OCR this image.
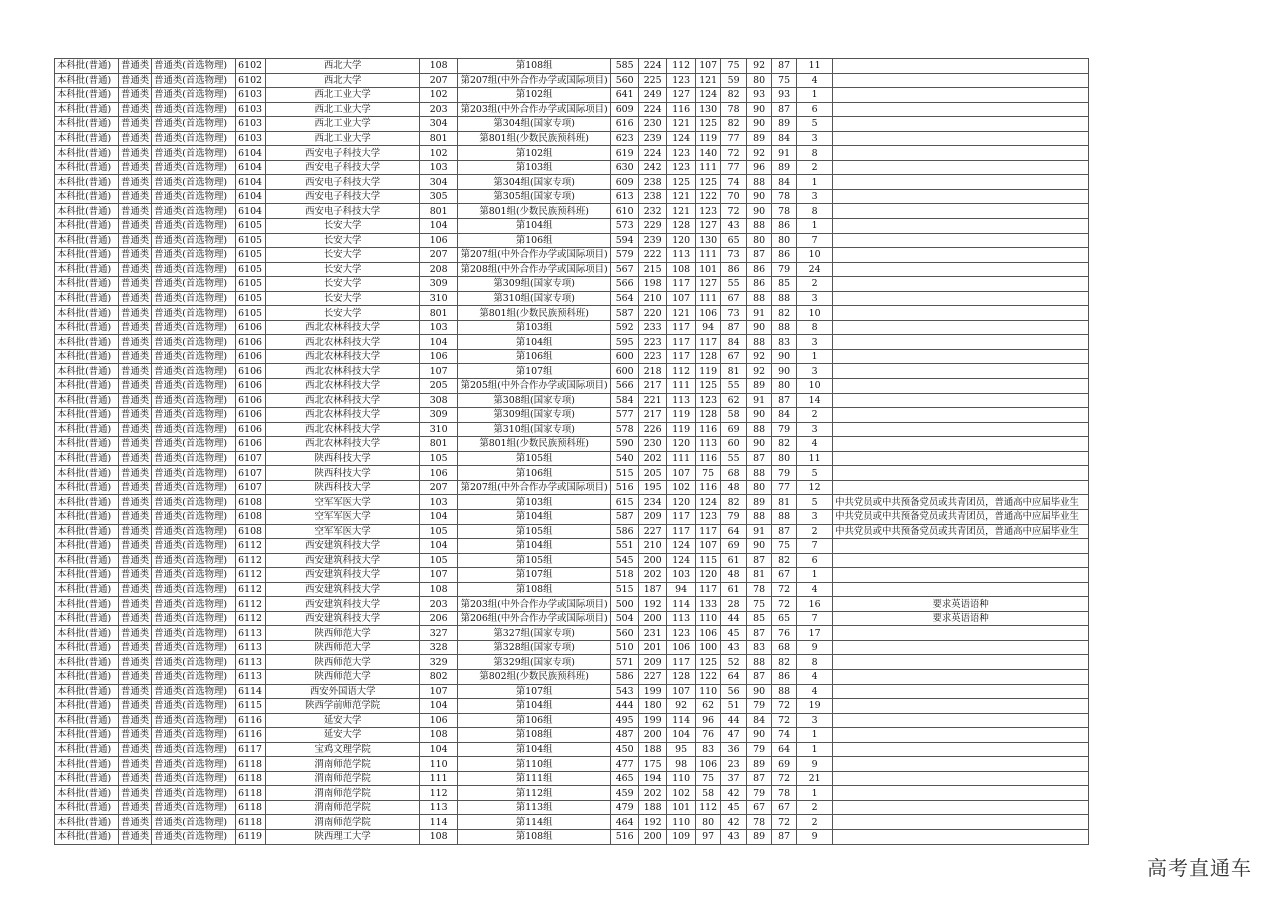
本科批(普通)	普通类	普通类(首选物理)	6102	西北大学	108	第108组	585	224	112	107	75	92	87	11	
本科批(普通)	普通类	普通类(首选物理)	6102	西北大学	207	第207组(中外合作办学或国际项目)	560	225	123	121	59	80	75	4	
本科批(普通)	普通类	普通类(首选物理)	6103	西北工业大学	102	第102组	641	249	127	124	82	93	93	1	
本科批(普通)	普通类	普通类(首选物理)	6103	西北工业大学	203	第203组(中外合作办学或国际项目)	609	224	116	130	78	90	87	6	
本科批(普通)	普通类	普通类(首选物理)	6103	西北工业大学	304	第304组(国家专项)	616	230	121	125	82	90	89	5	
本科批(普通)	普通类	普通类(首选物理)	6103	西北工业大学	801	第801组(少数民族预科班)	623	239	124	119	77	89	84	3	
本科批(普通)	普通类	普通类(首选物理)	6104	西安电子科技大学	102	第102组	619	224	123	140	72	92	91	8	
本科批(普通)	普通类	普通类(首选物理)	6104	西安电子科技大学	103	第103组	630	242	123	111	77	96	89	2	
本科批(普通)	普通类	普通类(首选物理)	6104	西安电子科技大学	304	第304组(国家专项)	609	238	125	125	74	88	84	1	
本科批(普通)	普通类	普通类(首选物理)	6104	西安电子科技大学	305	第305组(国家专项)	613	238	121	122	70	90	78	3	
本科批(普通)	普通类	普通类(首选物理)	6104	西安电子科技大学	801	第801组(少数民族预科班)	610	232	121	123	72	90	78	8	
本科批(普通)	普通类	普通类(首选物理)	6105	长安大学	104	第104组	573	229	128	127	43	88	86	1	
本科批(普通)	普通类	普通类(首选物理)	6105	长安大学	106	第106组	594	239	120	130	65	80	80	7	
本科批(普通)	普通类	普通类(首选物理)	6105	长安大学	207	第207组(中外合作办学或国际项目)	579	222	113	111	73	87	86	10	
本科批(普通)	普通类	普通类(首选物理)	6105	长安大学	208	第208组(中外合作办学或国际项目)	567	215	108	101	86	86	79	24	
本科批(普通)	普通类	普通类(首选物理)	6105	长安大学	309	第309组(国家专项)	566	198	117	127	55	86	85	2	
本科批(普通)	普通类	普通类(首选物理)	6105	长安大学	310	第310组(国家专项)	564	210	107	111	67	88	88	3	
本科批(普通)	普通类	普通类(首选物理)	6105	长安大学	801	第801组(少数民族预科班)	587	220	121	106	73	91	82	10	
本科批(普通)	普通类	普通类(首选物理)	6106	西北农林科技大学	103	第103组	592	233	117	94	87	90	88	8	
本科批(普通)	普通类	普通类(首选物理)	6106	西北农林科技大学	104	第104组	595	223	117	117	84	88	83	3	
本科批(普通)	普通类	普通类(首选物理)	6106	西北农林科技大学	106	第106组	600	223	117	128	67	92	90	1	
本科批(普通)	普通类	普通类(首选物理)	6106	西北农林科技大学	107	第107组	600	218	112	119	81	92	90	3	
本科批(普通)	普通类	普通类(首选物理)	6106	西北农林科技大学	205	第205组(中外合作办学或国际项目)	566	217	111	125	55	89	80	10	
本科批(普通)	普通类	普通类(首选物理)	6106	西北农林科技大学	308	第308组(国家专项)	584	221	113	123	62	91	87	14	
本科批(普通)	普通类	普通类(首选物理)	6106	西北农林科技大学	309	第309组(国家专项)	577	217	119	128	58	90	84	2	
本科批(普通)	普通类	普通类(首选物理)	6106	西北农林科技大学	310	第310组(国家专项)	578	226	119	116	69	88	79	3	
本科批(普通)	普通类	普通类(首选物理)	6106	西北农林科技大学	801	第801组(少数民族预科班)	590	230	120	113	60	90	82	4	
本科批(普通)	普通类	普通类(首选物理)	6107	陕西科技大学	105	第105组	540	202	111	116	55	87	80	11	
本科批(普通)	普通类	普通类(首选物理)	6107	陕西科技大学	106	第106组	515	205	107	75	68	88	79	5	
本科批(普通)	普通类	普通类(首选物理)	6107	陕西科技大学	207	第207组(中外合作办学或国际项目)	516	195	102	116	48	80	77	12	
本科批(普通)	普通类	普通类(首选物理)	6108	空军军医大学	103	第103组	615	234	120	124	82	89	81	5	中共党员或中共预备党员或共青团员，普通高中应届毕业生
本科批(普通)	普通类	普通类(首选物理)	6108	空军军医大学	104	第104组	587	209	117	123	79	88	88	3	中共党员或中共预备党员或共青团员，普通高中应届毕业生
本科批(普通)	普通类	普通类(首选物理)	6108	空军军医大学	105	第105组	586	227	117	117	64	91	87	2	中共党员或中共预备党员或共青团员，普通高中应届毕业生
本科批(普通)	普通类	普通类(首选物理)	6112	西安建筑科技大学	104	第104组	551	210	124	107	69	90	75	7	
本科批(普通)	普通类	普通类(首选物理)	6112	西安建筑科技大学	105	第105组	545	200	124	115	61	87	82	6	
本科批(普通)	普通类	普通类(首选物理)	6112	西安建筑科技大学	107	第107组	518	202	103	120	48	81	67	1	
本科批(普通)	普通类	普通类(首选物理)	6112	西安建筑科技大学	108	第108组	515	187	94	117	61	78	72	4	
本科批(普通)	普通类	普通类(首选物理)	6112	西安建筑科技大学	203	第203组(中外合作办学或国际项目)	500	192	114	133	28	75	72	16	要求英语语种
本科批(普通)	普通类	普通类(首选物理)	6112	西安建筑科技大学	206	第206组(中外合作办学或国际项目)	504	200	113	110	44	85	65	7	要求英语语种
本科批(普通)	普通类	普通类(首选物理)	6113	陕西师范大学	327	第327组(国家专项)	560	231	123	106	45	87	76	17	
本科批(普通)	普通类	普通类(首选物理)	6113	陕西师范大学	328	第328组(国家专项)	510	201	106	100	43	83	68	9	
本科批(普通)	普通类	普通类(首选物理)	6113	陕西师范大学	329	第329组(国家专项)	571	209	117	125	52	88	82	8	
本科批(普通)	普通类	普通类(首选物理)	6113	陕西师范大学	802	第802组(少数民族预科班)	586	227	128	122	64	87	86	4	
本科批(普通)	普通类	普通类(首选物理)	6114	西安外国语大学	107	第107组	543	199	107	110	56	90	88	4	
本科批(普通)	普通类	普通类(首选物理)	6115	陕西学前师范学院	104	第104组	444	180	92	62	51	79	72	19	
本科批(普通)	普通类	普通类(首选物理)	6116	延安大学	106	第106组	495	199	114	96	44	84	72	3	
本科批(普通)	普通类	普通类(首选物理)	6116	延安大学	108	第108组	487	200	104	76	47	90	74	1	
本科批(普通)	普通类	普通类(首选物理)	6117	宝鸡文理学院	104	第104组	450	188	95	83	36	79	64	1	
本科批(普通)	普通类	普通类(首选物理)	6118	渭南师范学院	110	第110组	477	175	98	106	23	89	69	9	
本科批(普通)	普通类	普通类(首选物理)	6118	渭南师范学院	111	第111组	465	194	110	75	37	87	72	21	
本科批(普通)	普通类	普通类(首选物理)	6118	渭南师范学院	112	第112组	459	202	102	58	42	79	78	1	
本科批(普通)	普通类	普通类(首选物理)	6118	渭南师范学院	113	第113组	479	188	101	112	45	67	67	2	
本科批(普通)	普通类	普通类(首选物理)	6118	渭南师范学院	114	第114组	464	192	110	80	42	78	72	2	
本科批(普通)	普通类	普通类(首选物理)	6119	陕西理工大学	108	第108组	516	200	109	97	43	89	87	9	
高考直通车
